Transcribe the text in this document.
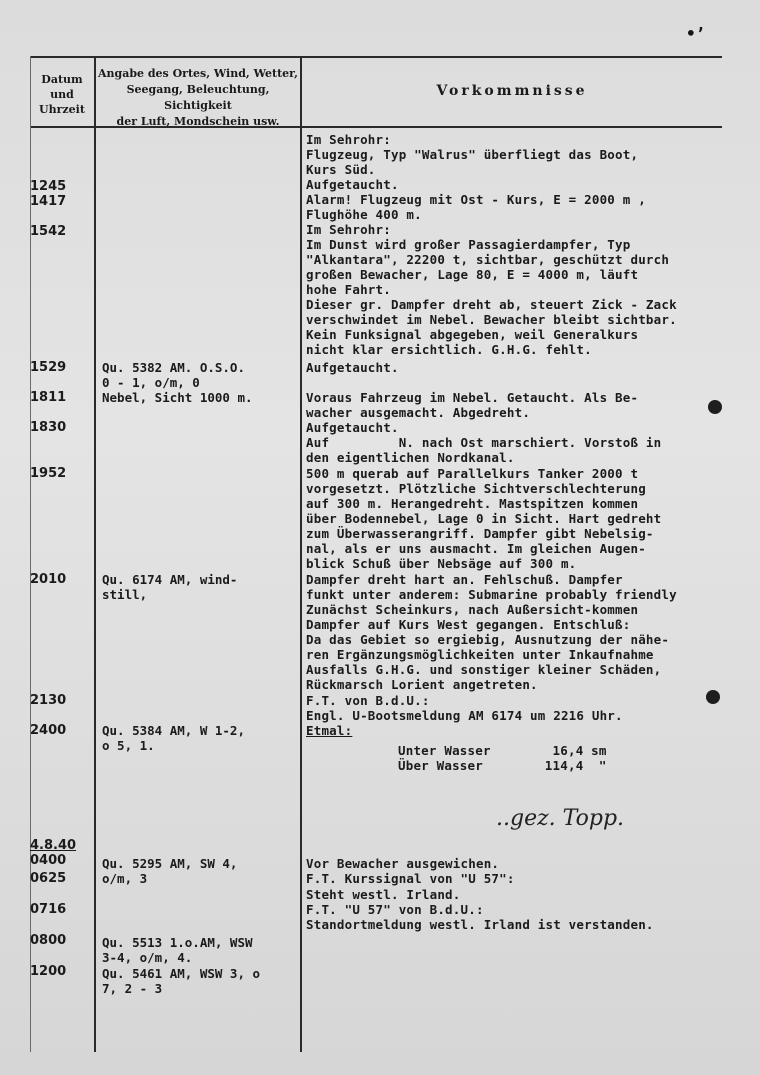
•’
Datum
und
Uhrzeit
Angabe des Ortes, Wind, Wetter,
Seegang, Beleuchtung, Sichtigkeit
der Luft, Mondschein usw.
Vorkommnisse
1245
1417
1542
1529
1811
1830
1952
2010
2130
2400
4.8.40
0400
0625
0716
0800
1200
Qu. 5382 AM. O.S.O.
0 - 1, o/m, 0
Nebel, Sicht 1000 m.
Qu. 6174 AM, wind-
still,
Qu. 5384 AM, W 1-2,
o 5, 1.
Qu. 5295 AM, SW 4,
o/m, 3
Qu. 5513 1.o.AM, WSW
3-4, o/m, 4.
Qu. 5461 AM, WSW 3, o
7, 2 - 3
Im Sehrohr:
Flugzeug, Typ "Walrus" überfliegt das Boot,
Kurs Süd.
Aufgetaucht.
Alarm! Flugzeug mit Ost - Kurs, E = 2000 m ,
Flughöhe 400 m.
Im Sehrohr:
Im Dunst wird großer Passagierdampfer, Typ
"Alkantara", 22200 t, sichtbar, geschützt durch
großen Bewacher, Lage 80, E = 4000 m, läuft
hohe Fahrt.
Dieser gr. Dampfer dreht ab, steuert Zick - Zack
verschwindet im Nebel. Bewacher bleibt sichtbar.
Kein Funksignal abgegeben, weil Generalkurs
nicht klar ersichtlich. G.H.G. fehlt.
Aufgetaucht.
Voraus Fahrzeug im Nebel. Getaucht. Als Be-
wacher ausgemacht. Abgedreht.
Aufgetaucht.
Auf         N. nach Ost marschiert. Vorstoß in
den eigentlichen Nordkanal.
500 m querab auf Parallelkurs Tanker 2000 t
vorgesetzt. Plötzliche Sichtverschlechterung
auf 300 m. Herangedreht. Mastspitzen kommen
über Bodennebel, Lage 0 in Sicht. Hart gedreht
zum Überwasserangriff. Dampfer gibt Nebelsig-
nal, als er uns ausmacht. Im gleichen Augen-
blick Schuß über Nebsäge auf 300 m.
Dampfer dreht hart an. Fehlschuß. Dampfer
funkt unter anderem: Submarine probably friendly
Zunächst Scheinkurs, nach Außersicht-kommen
Dampfer auf Kurs West gegangen. Entschluß:
Da das Gebiet so ergiebig, Ausnutzung der nähe-
ren Ergänzungsmöglichkeiten unter Inkaufnahme
Ausfalls G.H.G. und sonstiger kleiner Schäden,
Rückmarsch Lorient angetreten.
F.T. von B.d.U.:
Engl. U-Bootsmeldung AM 6174 um 2216 Uhr.
Etmal:
Unter Wasser        16,4 sm
Über Wasser        114,4  "
Vor Bewacher ausgewichen.
F.T. Kurssignal von "U 57":
Steht westl. Irland.
F.T. "U 57" von B.d.U.:
Standortmeldung westl. Irland ist verstanden.
..gez. Topp.
